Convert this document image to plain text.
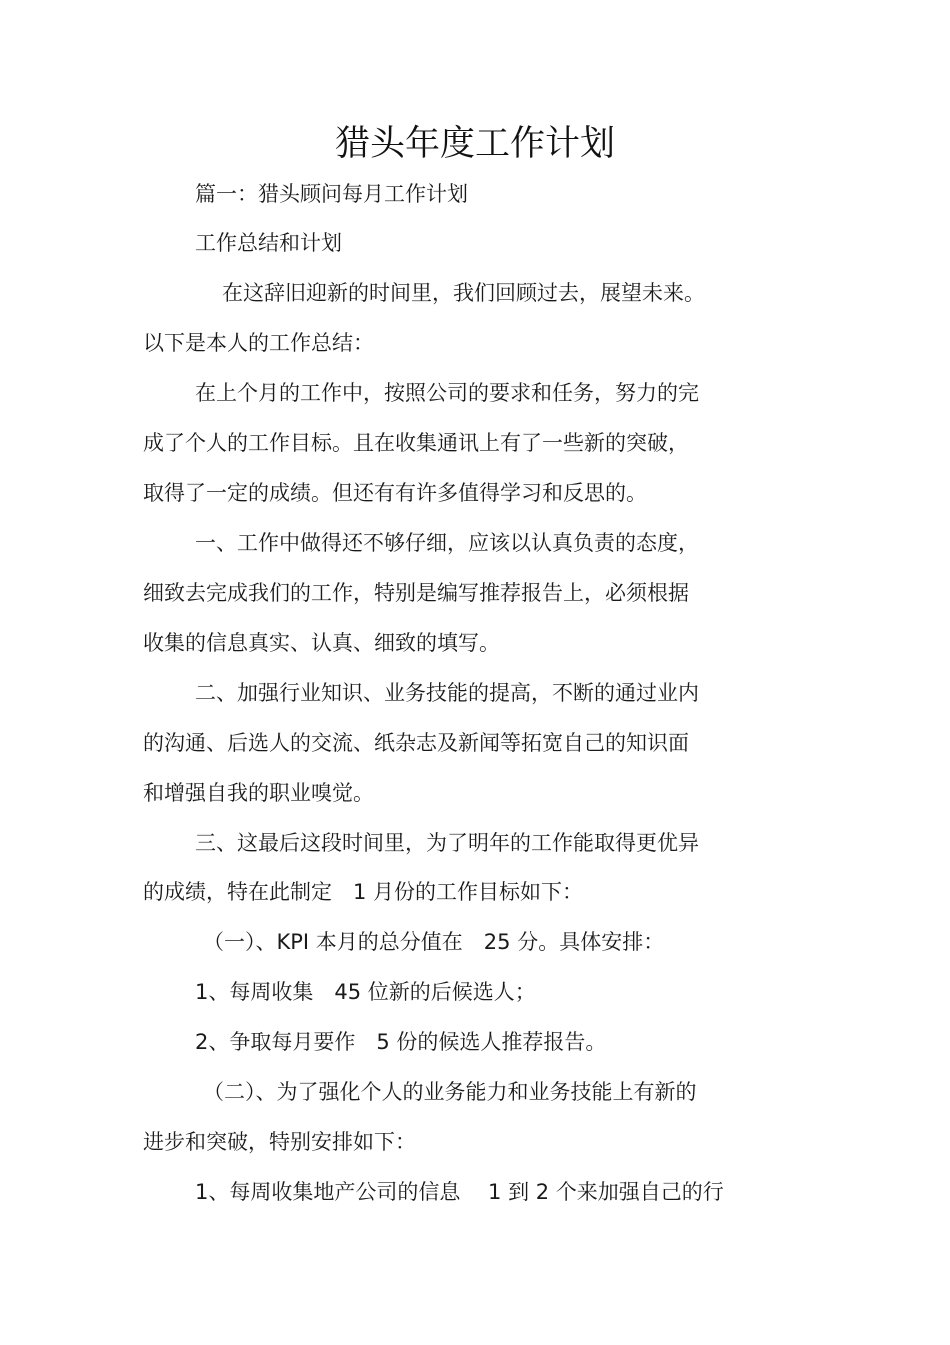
猎头年度工作计划
篇一：猎头顾问每月工作计划
工作总结和计划
在这辞旧迎新的时间里，我们回顾过去，展望未来。
以下是本人的工作总结：
在上个月的工作中，按照公司的要求和任务，努力的完
成了个人的工作目标。且在收集通讯上有了一些新的突破，
取得了一定的成绩。但还有有许多值得学习和反思的。
一、工作中做得还不够仔细，应该以认真负责的态度，
细致去完成我们的工作，特别是编写推荐报告上，必须根据
收集的信息真实、认真、细致的填写。
二、加强行业知识、业务技能的提高，不断的通过业内
的沟通、后选人的交流、纸杂志及新闻等拓宽自己的知识面
和增强自我的职业嗅觉。
三、这最后这段时间里，为了明年的工作能取得更优异
的成绩，特在此制定　1 月份的工作目标如下：
（一）、KPI 本月的总分值在　25 分。具体安排：
1、每周收集　45 位新的后候选人；
2、争取每月要作　5 份的候选人推荐报告。
（二）、为了强化个人的业务能力和业务技能上有新的
进步和突破，特别安排如下：
1、每周收集地产公司的信息　 1 到 2 个来加强自己的行
